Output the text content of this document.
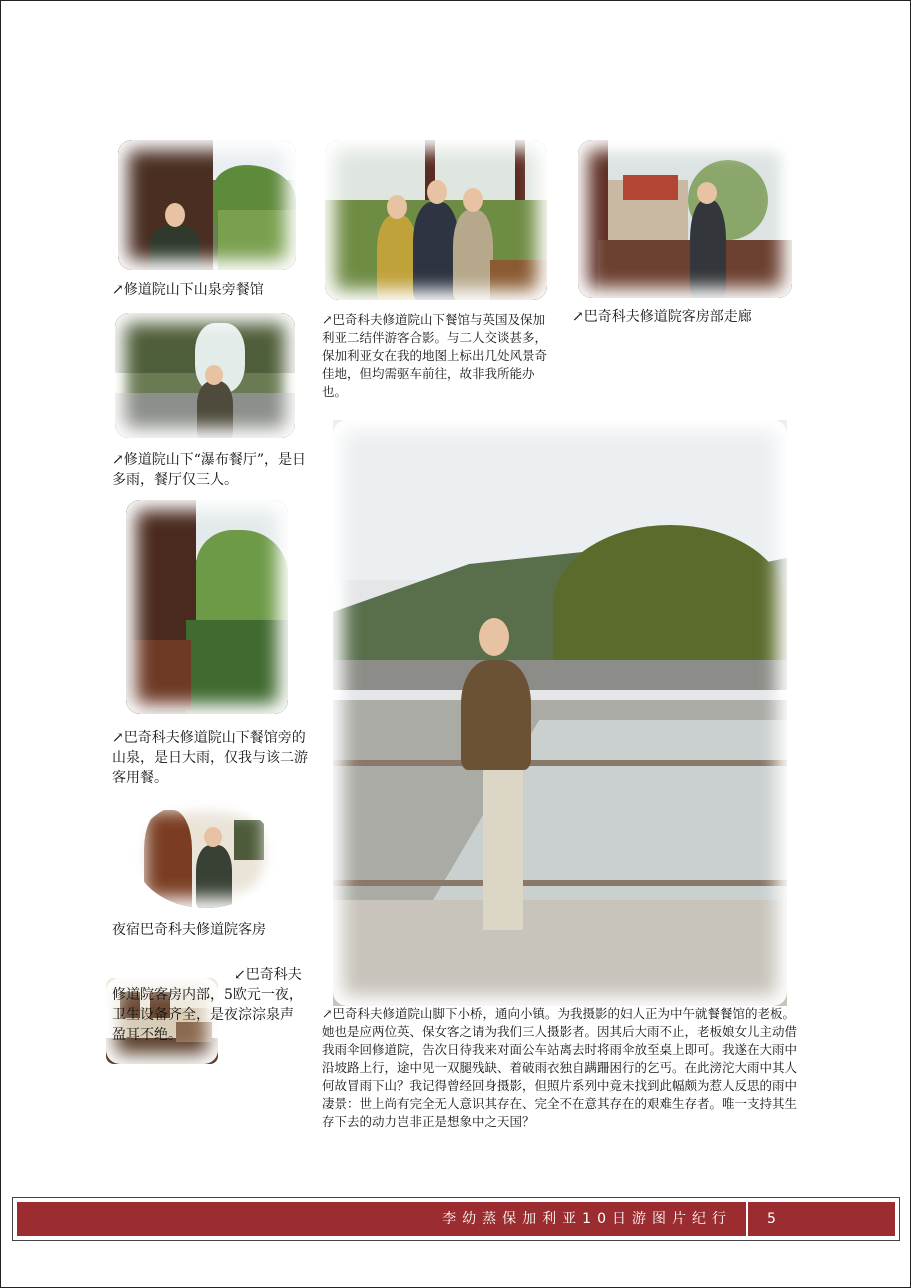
↗修道院山下山泉旁餐馆
↗巴奇科夫修道院山下餐馆与英国及保加利亚二结伴游客合影。与二人交谈甚多，保加利亚女在我的地图上标出几处风景奇佳地，但均需驱车前往，故非我所能办也。
↗巴奇科夫修道院客房部走廊
↗修道院山下“瀑布餐厅”，是日多雨，餐厅仅三人。
↗巴奇科夫修道院山下餐馆旁的山泉，是日大雨，仅我与该二游客用餐。
夜宿巴奇科夫修道院客房
↙巴奇科夫修道院客房内部，5欧元一夜，卫生设备齐全，是夜淙淙泉声盈耳不绝。
↗巴奇科夫修道院山脚下小桥，通向小镇。为我摄影的妇人正为中午就餐餐馆的老板。她也是应两位英、保女客之请为我们三人摄影者。因其后大雨不止，老板娘女儿主动借我雨伞回修道院，告次日待我来对面公车站离去时将雨伞放至桌上即可。我遂在大雨中沿坡路上行，途中见一双腿残缺、着破雨衣独自蹒跚困行的乞丐。在此滂沱大雨中其人何故冒雨下山？我记得曾经回身摄影，但照片系列中竟未找到此幅颇为惹人反思的雨中凄景：世上尚有完全无人意识其存在、完全不在意其存在的艰难生存者。唯一支持其生存下去的动力岂非正是想象中之天国？
李幼蒸保加利亚10日游图片纪行	5
